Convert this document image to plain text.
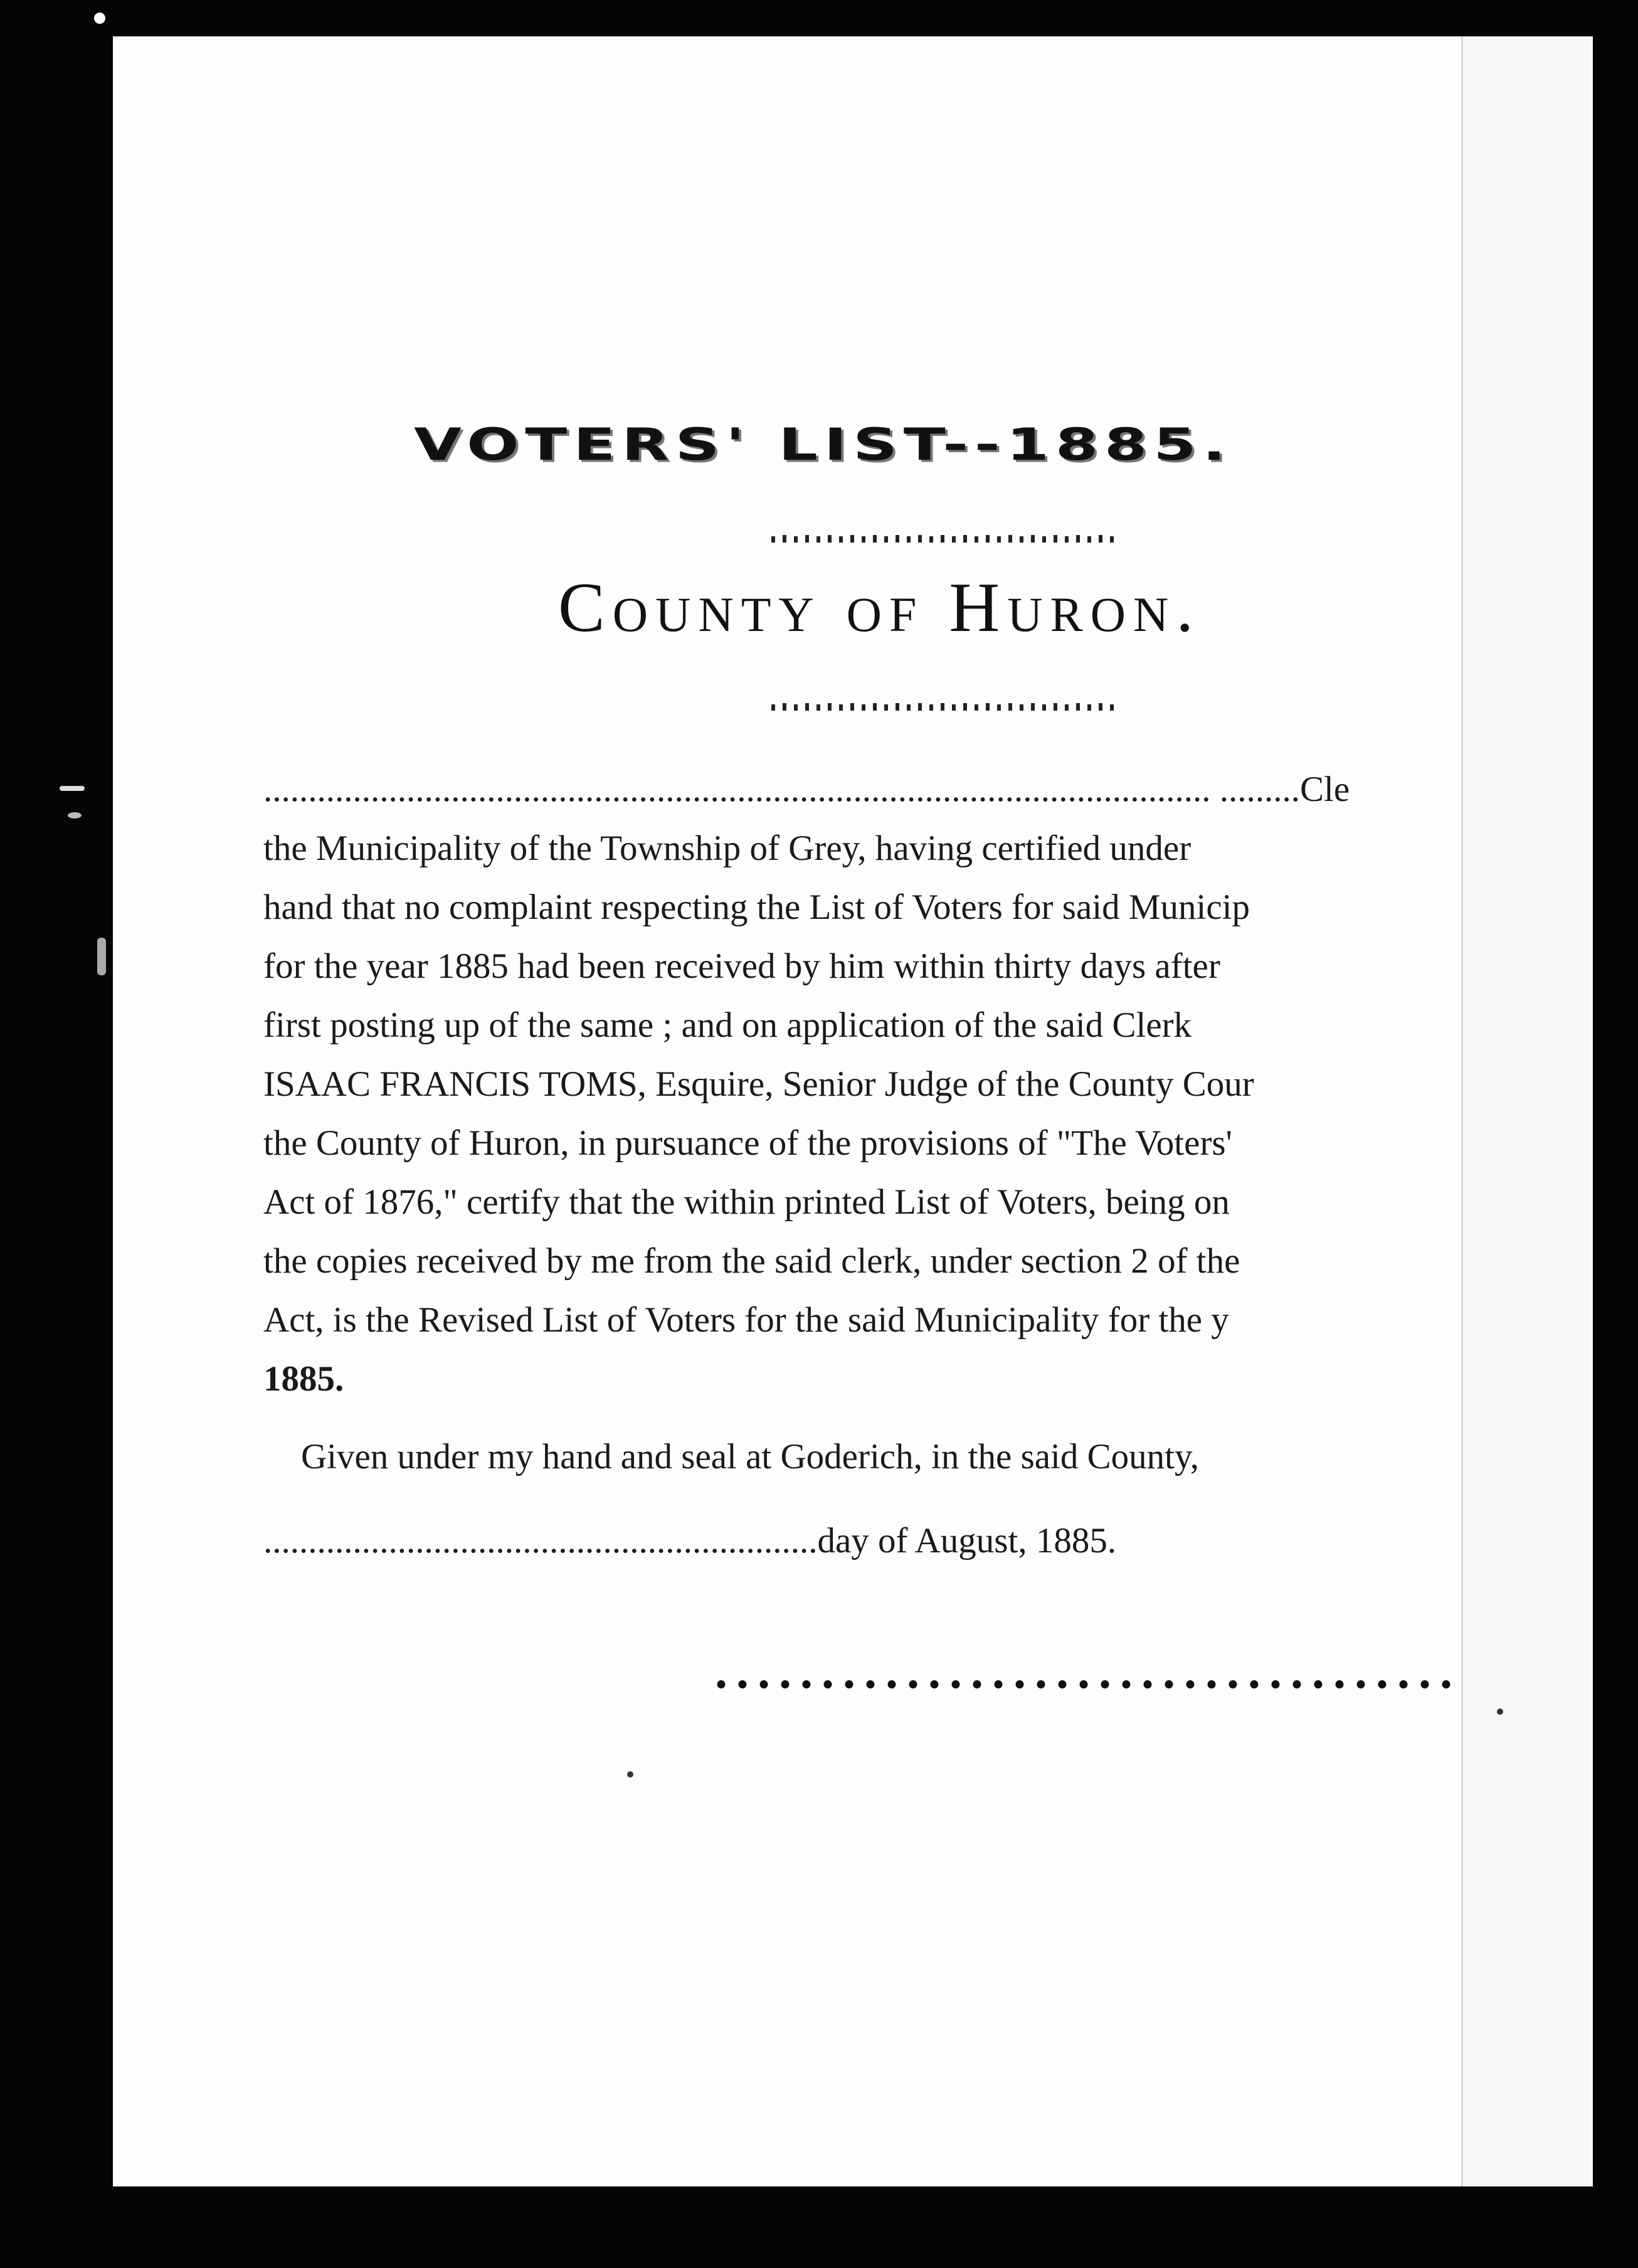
VOTERS' LIST--1885.
County of Huron.
.......................................................................................................... .........Cle
the Municipality of the Township of Grey, having certified under
hand that no complaint respecting the List of Voters for said Municip
for the year 1885 had been received by him within thirty days after
first posting up of the same ; and on application of the said Clerk
ISAAC FRANCIS TOMS, Esquire, Senior Judge of the County Cour
the County of Huron, in pursuance of the provisions of "The Voters'
Act of 1876," certify that the within printed List of Voters, being on
the copies received by me from the said clerk, under section 2 of the
Act, is the Revised List of Voters for the said Municipality for the y
1885.
Given under my hand and seal at Goderich, in the said County,
..............................................................day of August, 1885.
...................................
